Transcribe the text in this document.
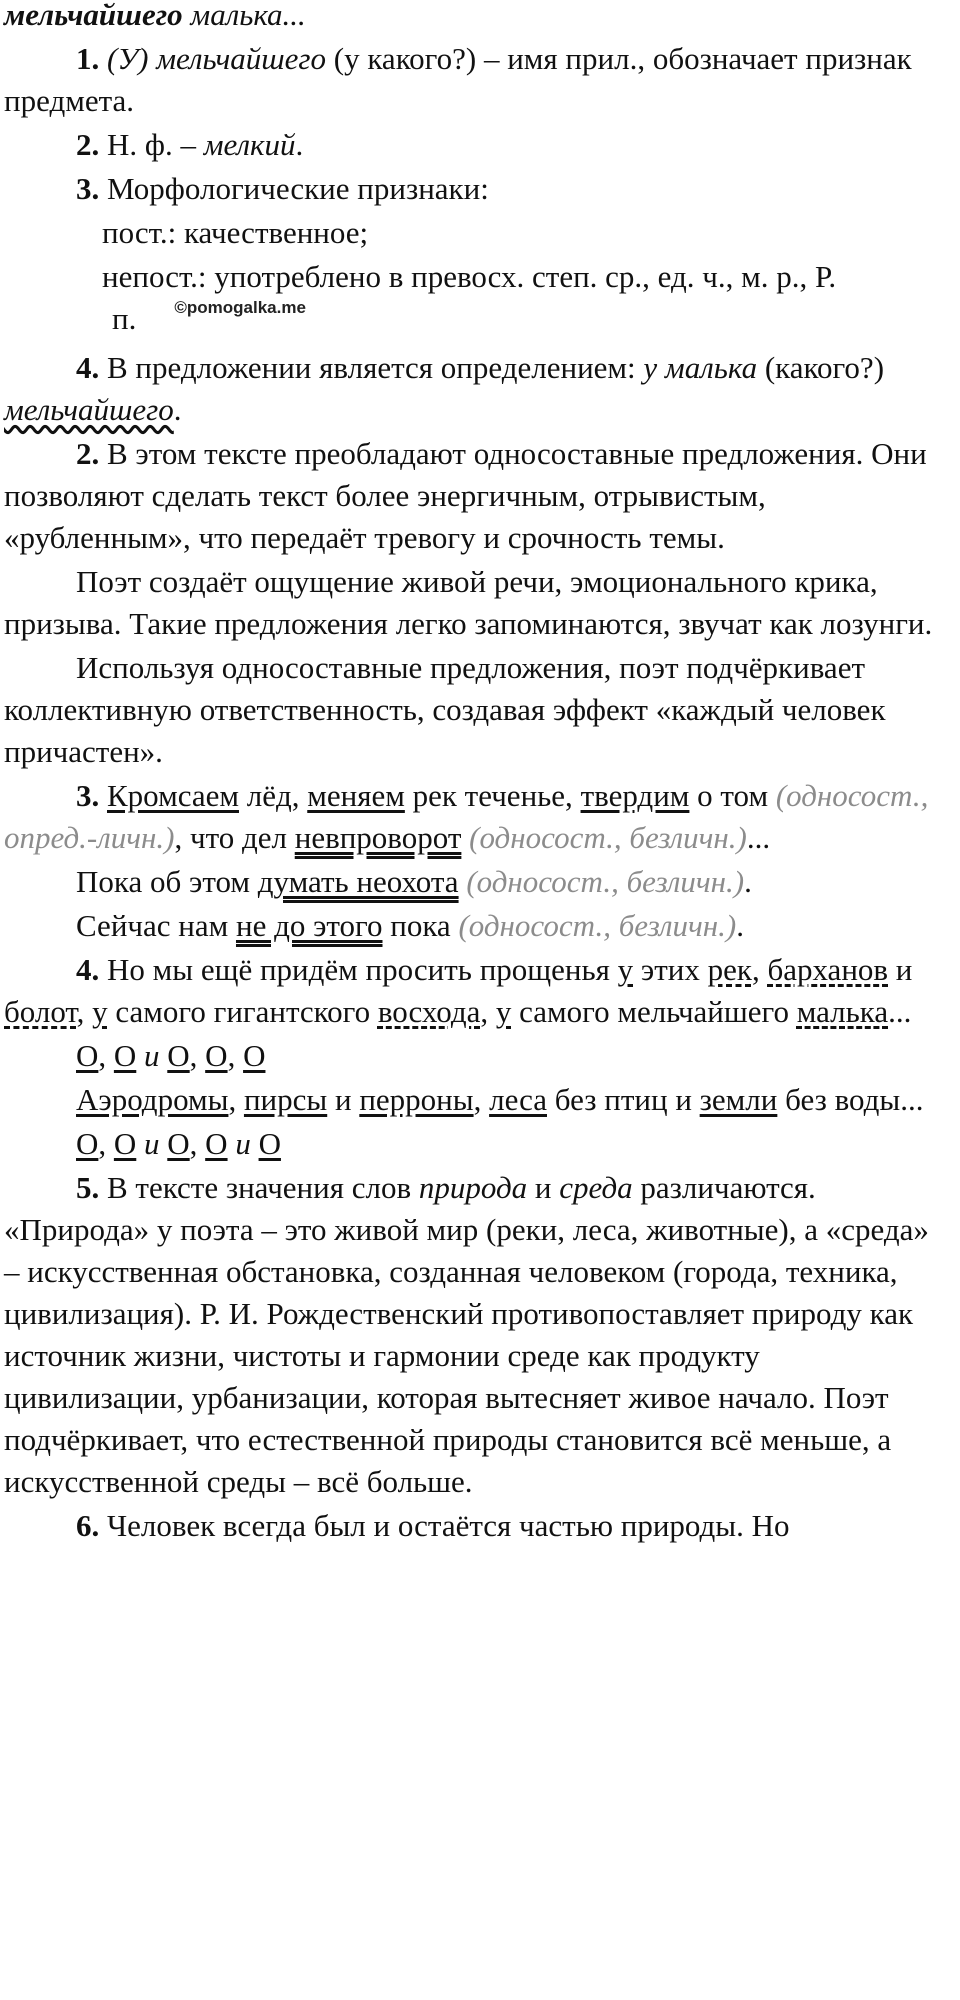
мельчайшего малька...

1. (У) мельчайшего (у какого?) – имя прил., обозначает признак предмета.

2. Н. ф. – мелкий.

3. Морфологические признаки:

пост.: качественное;

непост.: употреблено в превосх. степ. ср., ед. ч., м. р., Р. п. $^{©pomogalka.me}$

4. В предложении является определением: у малька (какого?) мельчайшего.

2. В этом тексте преобладают односоставные предложения. Они позволяют сделать текст более энергичным, отрывистым, «рубленным», что передаёт тревогу и срочность темы.

Поэт создаёт ощущение живой речи, эмоционального крика, призыва. Такие предложения легко запоминаются, звучат как лозунги.

Используя односоставные предложения, поэт подчёркивает коллективную ответственность, создавая эффект «каждый человек причастен».

3. Кромсаем лёд, меняем рек теченье, твердим о том (односост., опред.-личн.), что дел невпроворот (односост., безличн.)...

Пока об этом думать неохота (односост., безличн.).

Сейчас нам не до этого пока (односост., безличн.).

4. Но мы ещё придём просить прощенья у этих рек, барханов и болот, у самого гигантского восхода, у самого мельчайшего малька...

О, О и О, О, О

Аэродромы, пирсы и перроны, леса без птиц и земли без воды...

О, О и О, О и О

5. В тексте значения слов природа и среда различаются. «Природа» у поэта – это живой мир (реки, леса, животные), а «среда» – искусственная обстановка, созданная человеком (города, техника, цивилизация). Р. И. Рождественский противопоставляет природу как источник жизни, чистоты и гармонии среде как продукту цивилизации, урбанизации, которая вытесняет живое начало. Поэт подчёркивает, что естественной природы становится всё меньше, а искусственной среды – всё больше.

6. Человек всегда был и остаётся частью природы. Но
